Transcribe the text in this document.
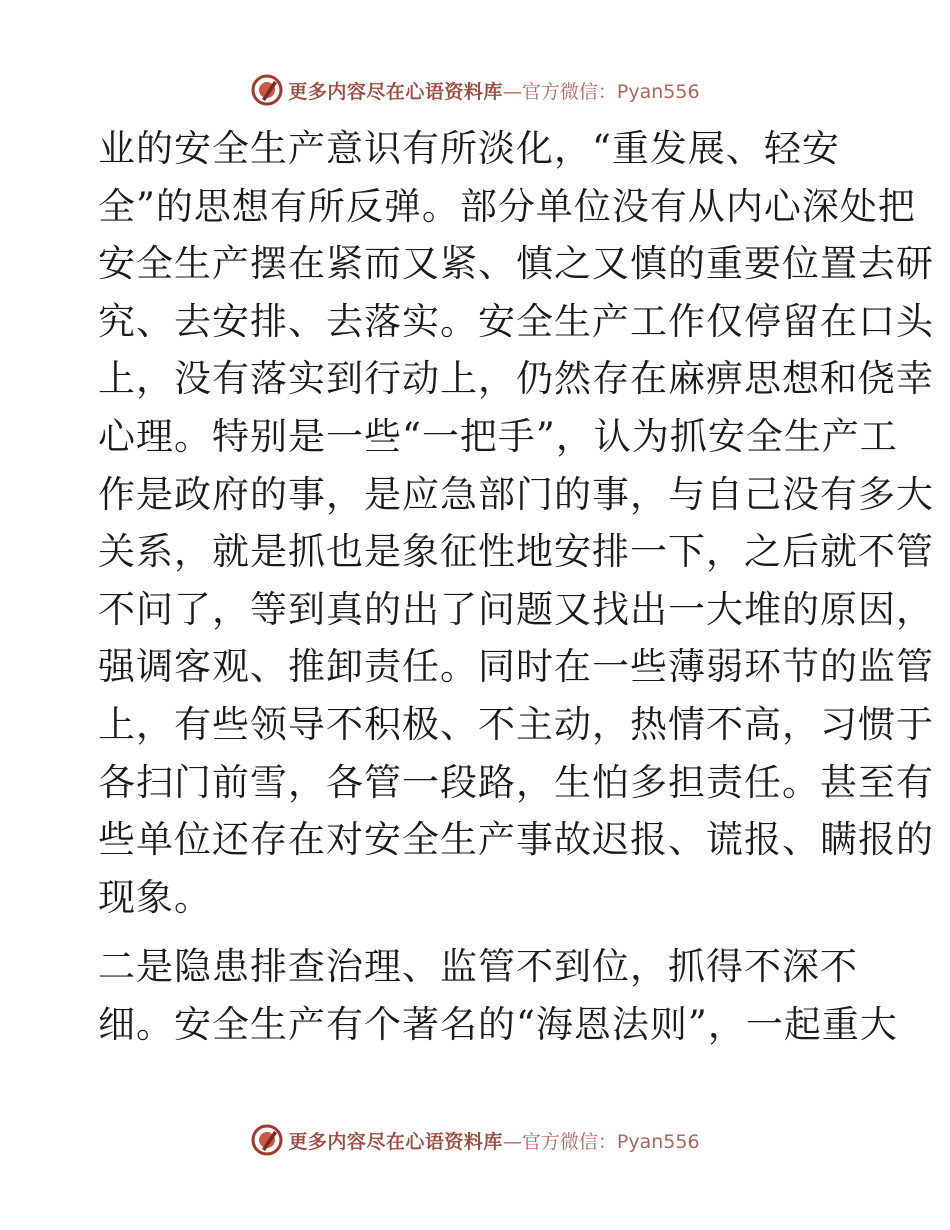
更多内容尽在心语资料库 —官方微信：Pyan556
业的安全生产意识有所淡化，“重发展、轻安
全”的思想有所反弹。部分单位没有从内心深处把
安全生产摆在紧而又紧、慎之又慎的重要位置去研
究、去安排、去落实。安全生产工作仅停留在口头
上，没有落实到行动上，仍然存在麻痹思想和侥幸
心理。特别是一些“一把手”，认为抓安全生产工
作是政府的事，是应急部门的事，与自己没有多大
关系，就是抓也是象征性地安排一下，之后就不管
不问了，等到真的出了问题又找出一大堆的原因，
强调客观、推卸责任。同时在一些薄弱环节的监管
上，有些领导不积极、不主动，热情不高，习惯于
各扫门前雪，各管一段路，生怕多担责任。甚至有
些单位还存在对安全生产事故迟报、谎报、瞒报的
现象。
二是隐患排查治理、监管不到位，抓得不深不
细。安全生产有个著名的“海恩法则”，一起重大
更多内容尽在心语资料库 —官方微信：Pyan556
